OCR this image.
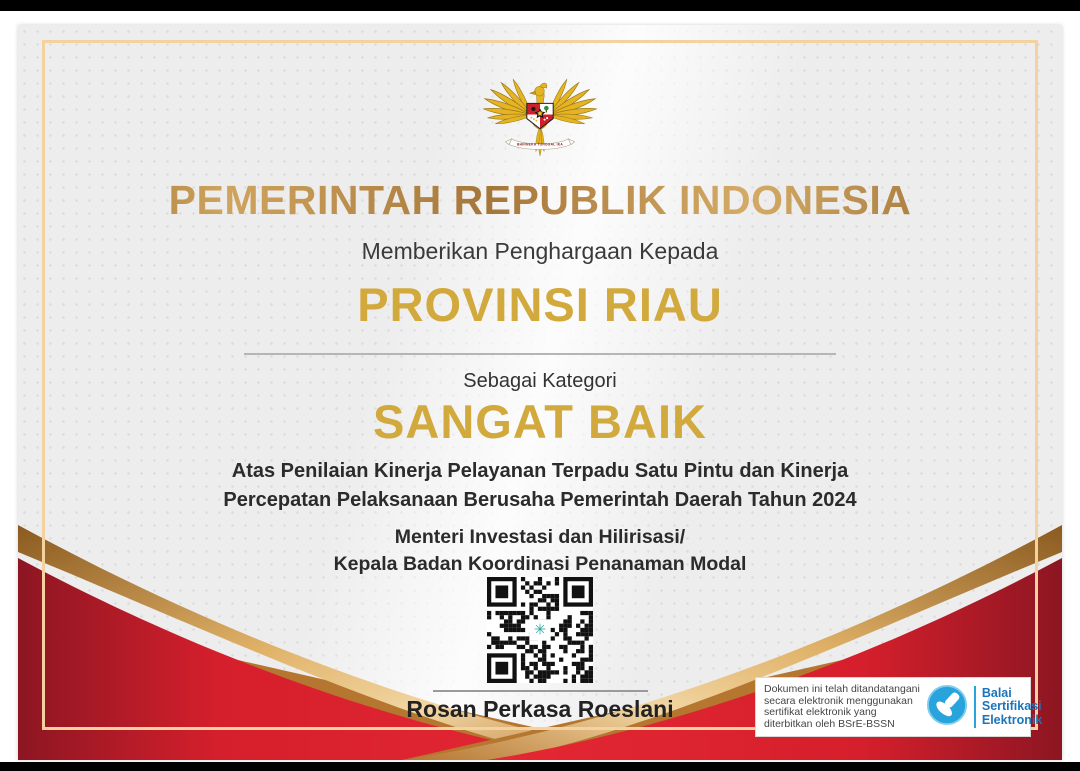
BHINNEKA TUNGGAL IKA
PEMERINTAH REPUBLIK INDONESIA
Memberikan Penghargaan Kepada
PROVINSI RIAU
Sebagai Kategori
SANGAT BAIK
Atas Penilaian Kinerja Pelayanan Terpadu Satu Pintu dan Kinerja
Percepatan Pelaksanaan Berusaha Pemerintah Daerah Tahun 2024
Menteri Investasi dan Hilirisasi/
Kepala Badan Koordinasi Penanaman Modal
✳
Rosan Perkasa Roeslani
Dokumen ini telah ditandatangani
secara elektronik menggunakan
sertifikat elektronik yang
diterbitkan oleh BSrE-BSSN
Balai
Sertifikasi
Elektronik
